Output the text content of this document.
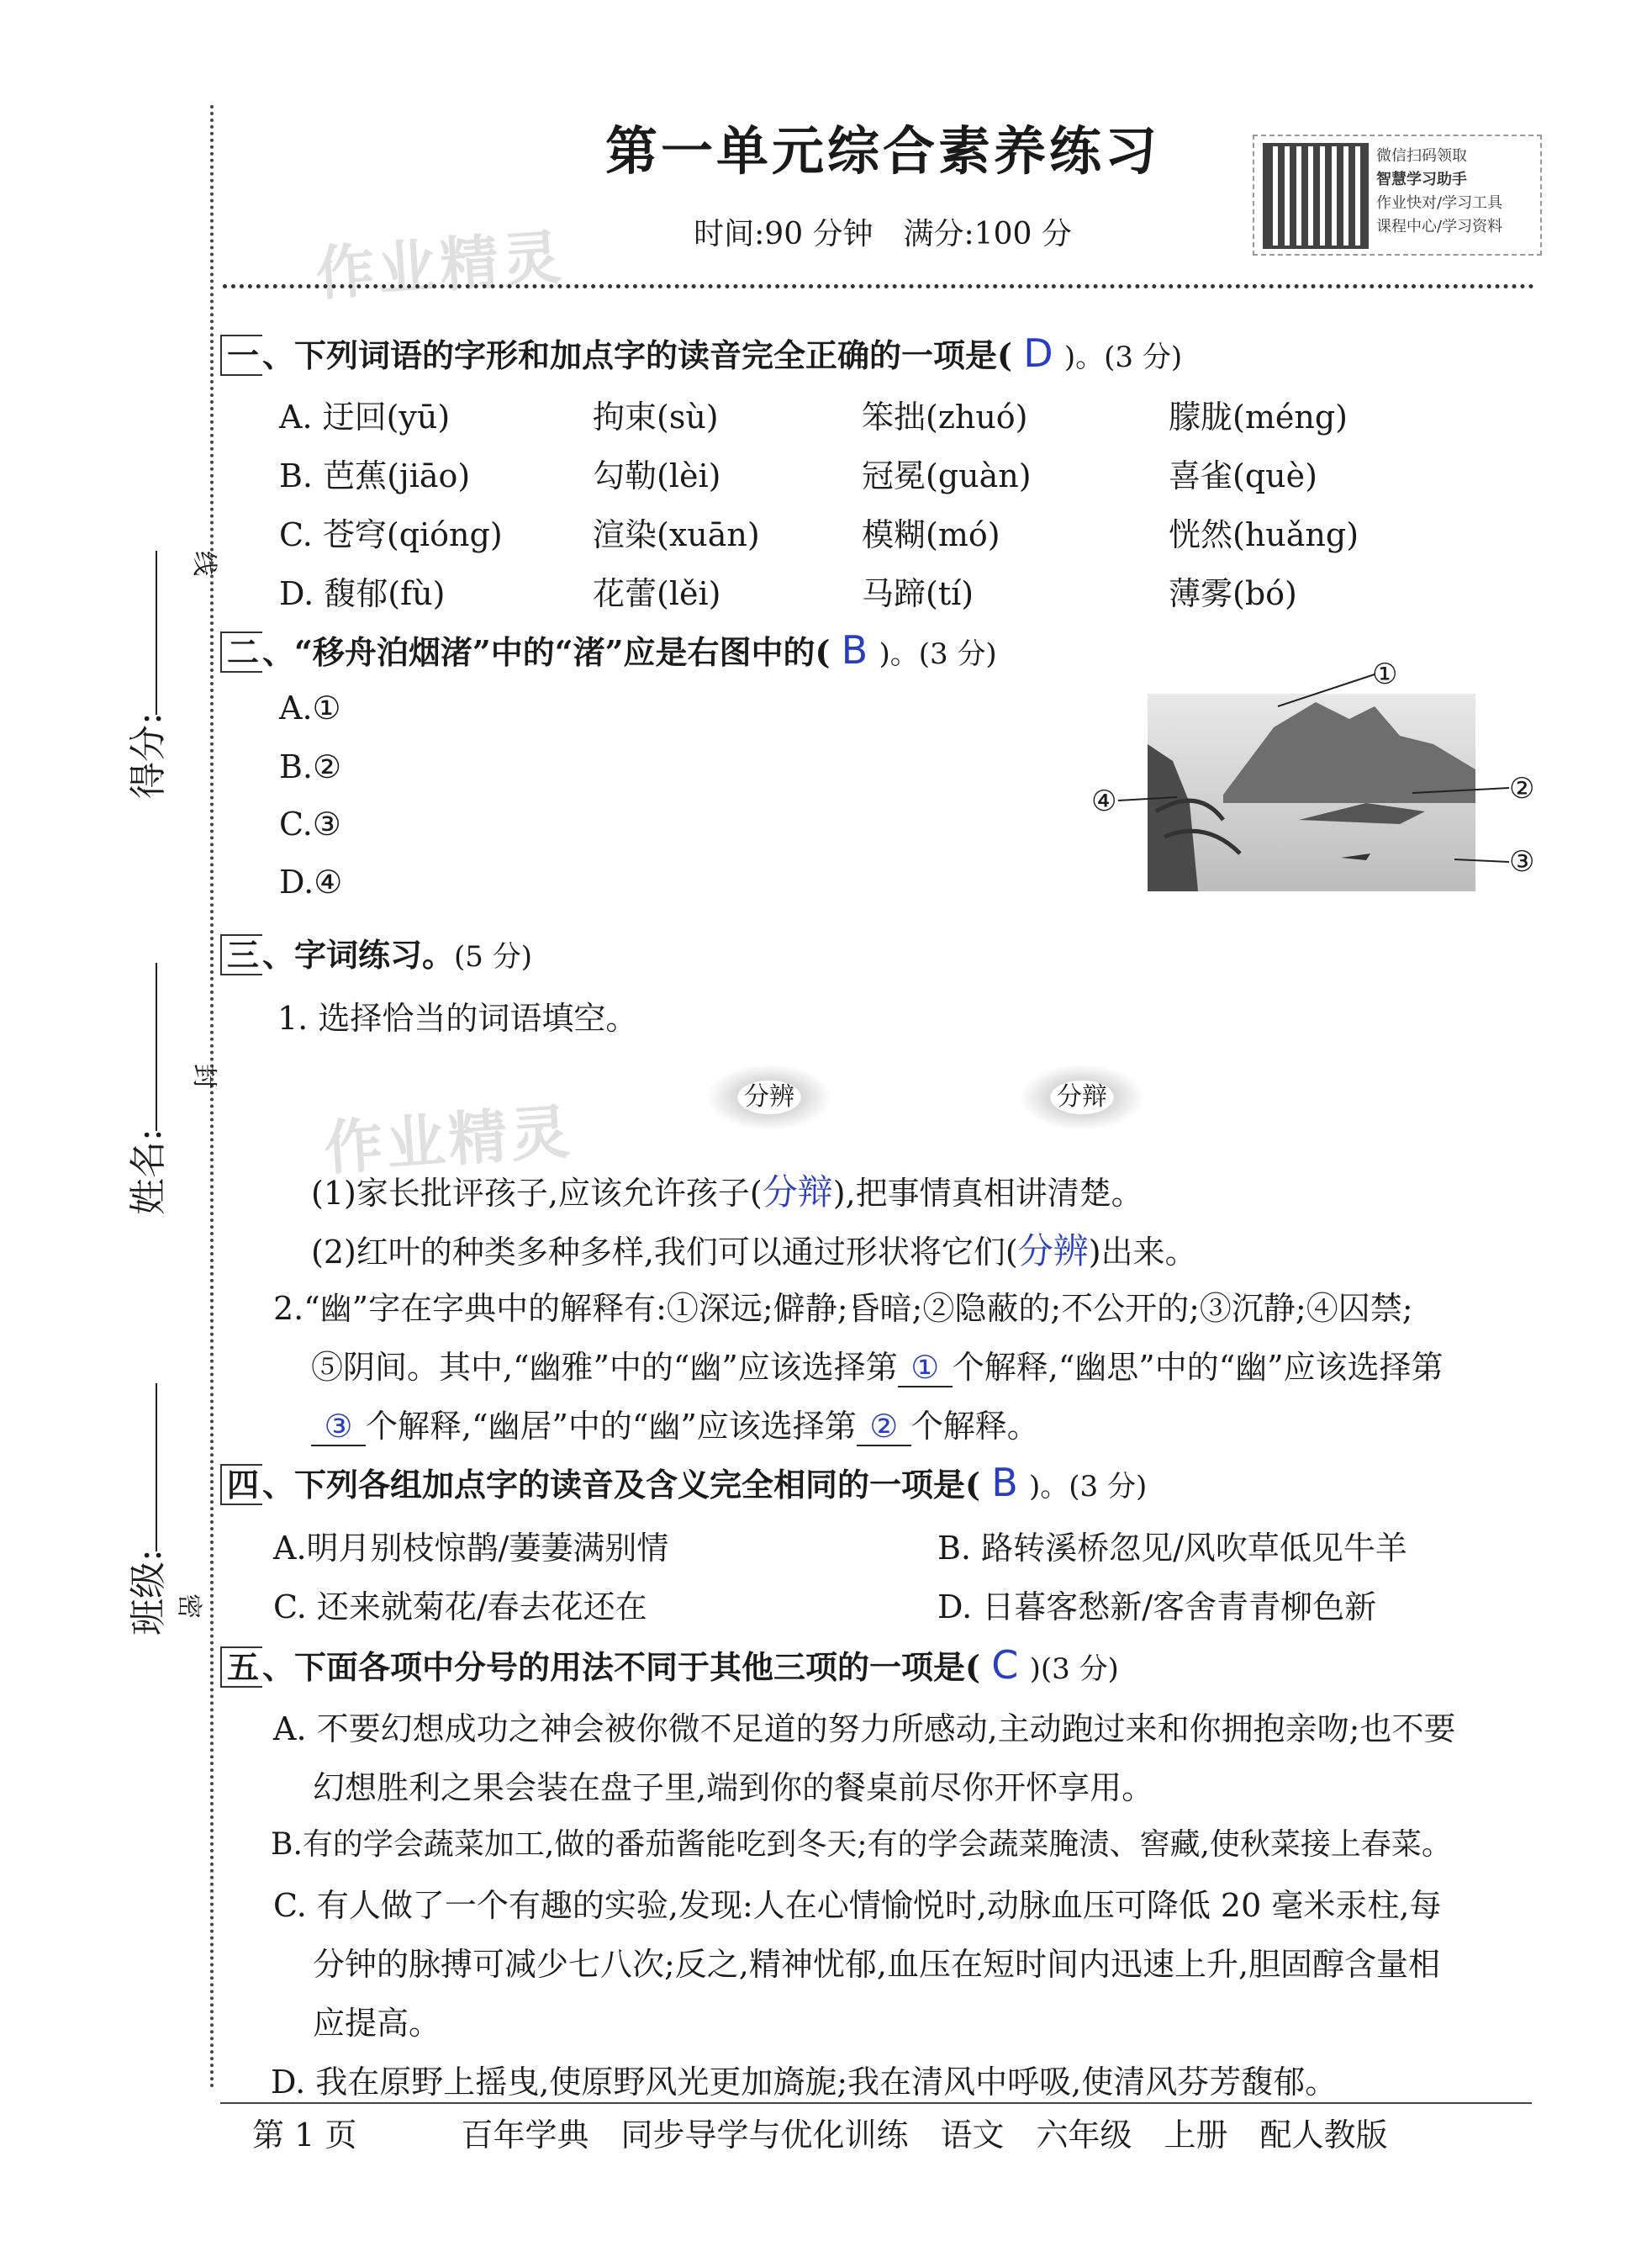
线
封
密
得分:
姓名:
班级:
第一单元综合素养练习
时间:90 分钟　满分:100 分
微信扫码领取
智慧学习助手
作业快对/学习工具
课程中心/学习资料
作业精灵
一 、下列词语的字形和加点字的读音完全正确的一项是( D )。(3 分)
A. 迂回(yū)	拘束(sù)	笨拙(zhuó)	朦胧(méng)
B. 芭蕉(jiāo)	勾勒(lèi)	冠冕(guàn)	喜雀(què)
C. 苍穹(qióng)	渲染(xuān)	模糊(mó)	恍然(huǎng)
D. 馥郁(fù)	花蕾(lěi)	马蹄(tí)	薄雾(bó)
二 、“移舟泊烟渚”中的“渚”应是右图中的( B )。(3 分)
A.①
B.②
C.③
D.④
①
②
③
④
三 、字词练习。(5 分)
1. 选择恰当的词语填空。
分辨	分辩
作业精灵
(1)家长批评孩子,应该允许孩子(分辩),把事情真相讲清楚。
(2)红叶的种类多种多样,我们可以通过形状将它们(分辨)出来。
2.“幽”字在字典中的解释有:①深远;僻静;昏暗;②隐蔽的;不公开的;③沉静;④囚禁;
⑤阴间。其中,“幽雅”中的“幽”应该选择第 ① 个解释,“幽思”中的“幽”应该选择第
③ 个解释,“幽居”中的“幽”应该选择第 ② 个解释。
四 、下列各组加点字的读音及含义完全相同的一项是( B )。(3 分)
A.明月别枝惊鹊/萋萋满别情	B. 路转溪桥忽见/风吹草低见牛羊
C. 还来就菊花/春去花还在	D. 日暮客愁新/客舍青青柳色新
五 、下面各项中分号的用法不同于其他三项的一项是( C )(3 分)
A. 不要幻想成功之神会被你微不足道的努力所感动,主动跑过来和你拥抱亲吻;也不要
幻想胜利之果会装在盘子里,端到你的餐桌前尽你开怀享用。
B.有的学会蔬菜加工,做的番茄酱能吃到冬天;有的学会蔬菜腌渍、窖藏,使秋菜接上春菜。
C. 有人做了一个有趣的实验,发现:人在心情愉悦时,动脉血压可降低 20 毫米汞柱,每
分钟的脉搏可减少七八次;反之,精神忧郁,血压在短时间内迅速上升,胆固醇含量相
应提高。
D. 我在原野上摇曳,使原野风光更加旖旎;我在清风中呼吸,使清风芬芳馥郁。
第 1 页	百年学典　同步导学与优化训练　语文　六年级　上册　配人教版
